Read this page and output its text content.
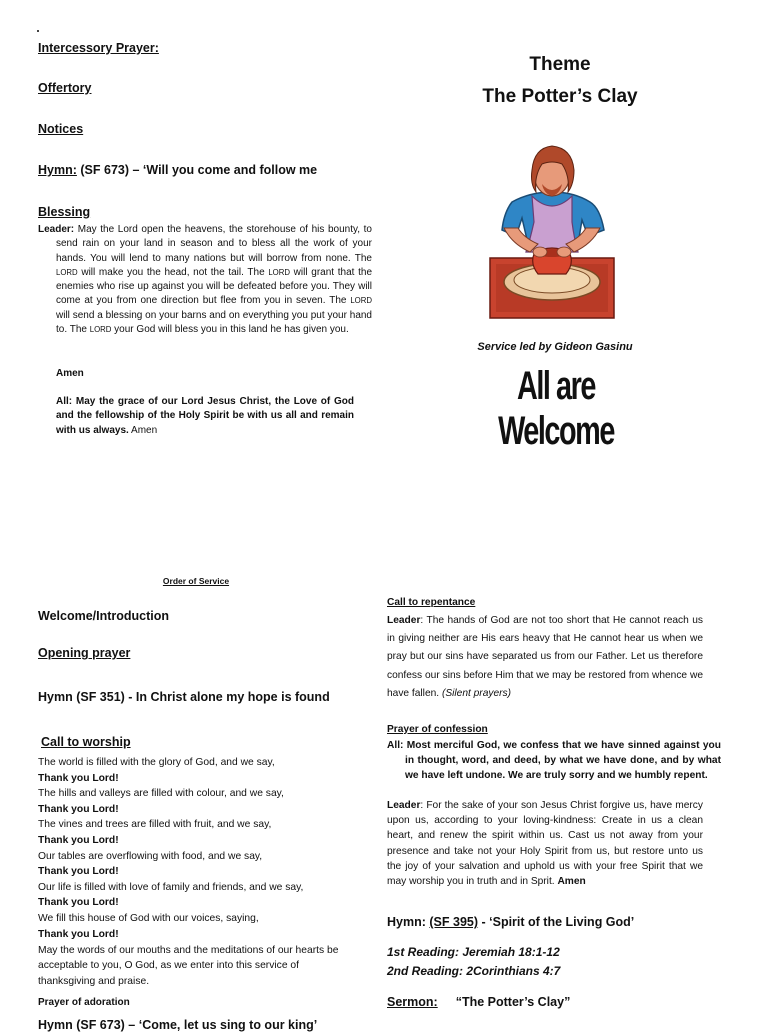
Intercessory Prayer:
Offertory
Notices
Hymn: (SF 673) – ‘Will you come and follow me
Blessing
Leader: May the Lord open the heavens, the storehouse of his bounty, to send rain on your land in season and to bless all the work of your hands. You will lend to many nations but will borrow from none. The LORD will make you the head, not the tail. The LORD will grant that the enemies who rise up against you will be defeated before you. They will come at you from one direction but flee from you in seven. The LORD will send a blessing on your barns and on everything you put your hand to. The LORD your God will bless you in this land he has given you.
Amen
All: May the grace of our Lord Jesus Christ, the Love of God and the fellowship of the Holy Spirit be with us all and remain with us always. Amen
Theme
The Potter’s Clay
Service led by Gideon Gasinu
All are Welcome
Order of Service
Welcome/Introduction
Opening prayer
Hymn (SF 351) - In Christ alone my hope is found
Call to worship
The world is filled with the glory of God, and we say,
Thank you Lord!
The hills and valleys are filled with colour, and we say,
Thank you Lord!
The vines and trees are filled with fruit, and we say,
Thank you Lord!
Our tables are overflowing with food, and we say,
Thank you Lord!
Our life is filled with love of family and friends, and we say,
Thank you Lord!
We fill this house of God with our voices, saying,
Thank you Lord!
May the words of our mouths and the meditations of our hearts be acceptable to you, O God, as we enter into this service of thanksgiving and praise.
Prayer of adoration
Hymn (SF 673) – ‘Come, let us sing to our king’
Call to repentance
Leader: The hands of God are not too short that He cannot reach us in giving neither are His ears heavy that He cannot hear us when we pray but our sins have separated us from our Father. Let us therefore confess our sins before Him that we may be restored from whence we have fallen. (Silent prayers)
Prayer of confession
All: Most merciful God, we confess that we have sinned against you in thought, word, and deed, by what we have done, and by what we have left undone. We are truly sorry and we humbly repent.
Leader: For the sake of your son Jesus Christ forgive us, have mercy upon us, according to your loving-kindness: Create in us a clean heart, and renew the spirit within us. Cast us not away from your presence and take not your Holy Spirit from us, but restore unto us the joy of your salvation and uphold us with your free Spirit that we may worship you in truth and in Sprit. Amen
Hymn: (SF 395) - ‘Spirit of the Living God’
1st Reading: Jeremiah 18:1-12
2nd Reading: 2Corinthians 4:7
Sermon: “The Potter’s Clay”
